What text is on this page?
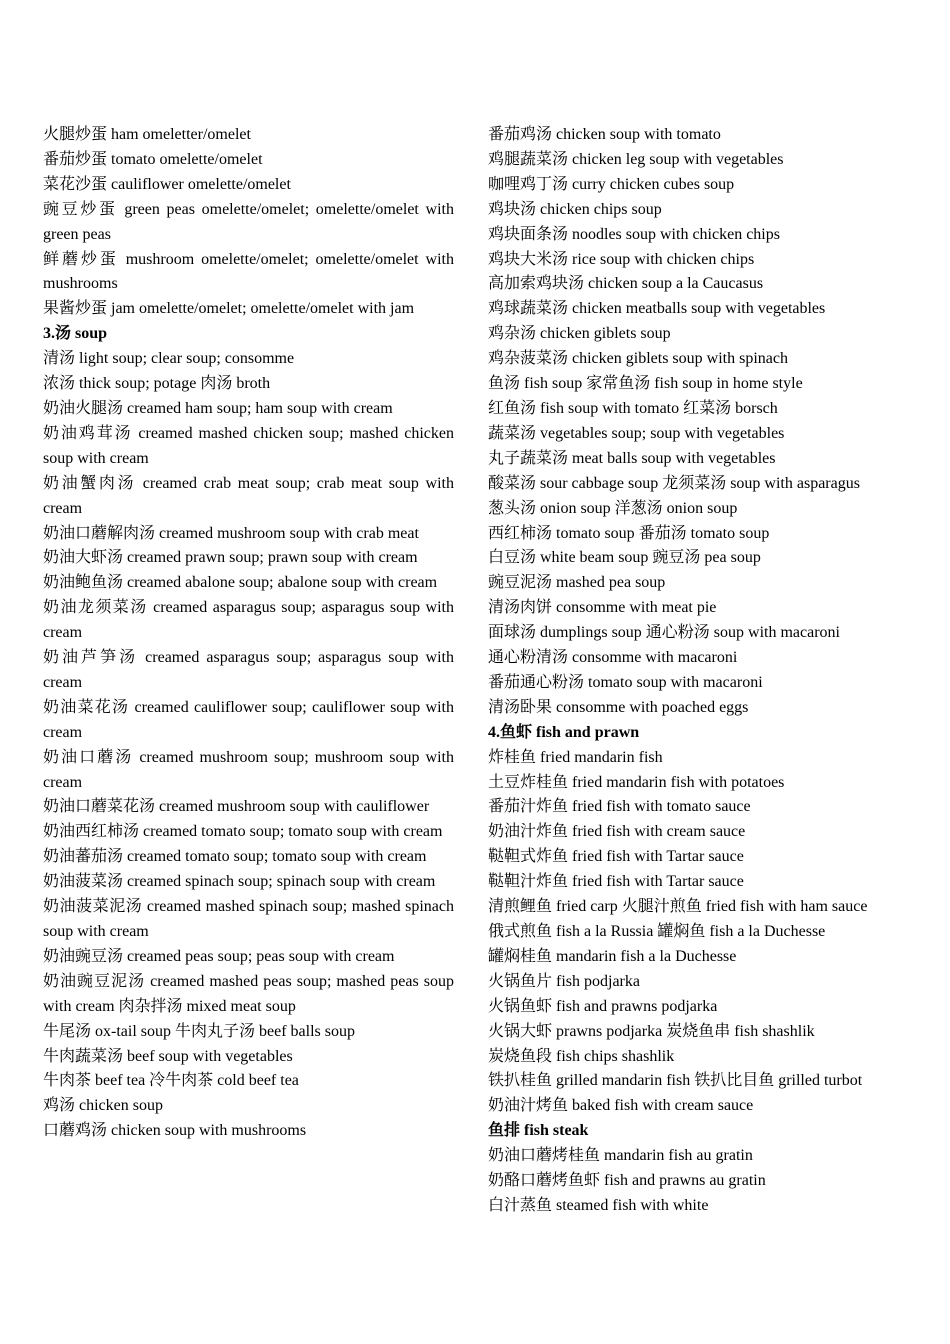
火腿炒蛋 ham omeletter/omelet

番茄炒蛋 tomato omelette/omelet

菜花沙蛋 cauliflower omelette/omelet

豌豆炒蛋 green peas omelette/omelet; omelette/omelet with green peas

鲜蘑炒蛋 mushroom omelette/omelet; omelette/omelet with mushrooms

果酱炒蛋 jam omelette/omelet; omelette/omelet with jam

3.汤 soup

清汤 light soup; clear soup; consomme

浓汤 thick soup; potage 肉汤 broth

奶油火腿汤 creamed ham soup; ham soup with cream

奶油鸡茸汤 creamed mashed chicken soup; mashed chicken soup with cream

奶油蟹肉汤 creamed crab meat soup; crab meat soup with cream

奶油口蘑解肉汤 creamed mushroom soup with crab meat

奶油大虾汤 creamed prawn soup; prawn soup with cream

奶油鲍鱼汤 creamed abalone soup; abalone soup with cream

奶油龙须菜汤 creamed asparagus soup; asparagus soup with cream

奶油芦笋汤 creamed asparagus soup; asparagus soup with cream

奶油菜花汤 creamed cauliflower soup; cauliflower soup with cream

奶油口蘑汤 creamed mushroom soup; mushroom soup with cream

奶油口蘑菜花汤 creamed mushroom soup with cauliflower

奶油西红柿汤 creamed tomato soup; tomato soup with cream

奶油蕃茄汤 creamed tomato soup; tomato soup with cream

奶油菠菜汤 creamed spinach soup; spinach soup with cream

奶油菠菜泥汤 creamed mashed spinach soup; mashed spinach soup with cream

奶油豌豆汤 creamed peas soup; peas soup with cream

奶油豌豆泥汤 creamed mashed peas soup; mashed peas soup with cream 肉杂拌汤 mixed meat soup

牛尾汤 ox-tail soup 牛肉丸子汤 beef balls soup

牛肉蔬菜汤 beef soup with vegetables

牛肉茶 beef tea 冷牛肉茶 cold beef tea

鸡汤 chicken soup

口蘑鸡汤 chicken soup with mushrooms

番茄鸡汤 chicken soup with tomato

鸡腿蔬菜汤 chicken leg soup with vegetables

咖哩鸡丁汤 curry chicken cubes soup

鸡块汤 chicken chips soup

鸡块面条汤 noodles soup with chicken chips

鸡块大米汤 rice soup with chicken chips

高加索鸡块汤 chicken soup a la Caucasus

鸡球蔬菜汤 chicken meatballs soup with vegetables

鸡杂汤 chicken giblets soup

鸡杂菠菜汤 chicken giblets soup with spinach

鱼汤 fish soup 家常鱼汤 fish soup in home style

红鱼汤 fish soup with tomato 红菜汤 borsch

蔬菜汤 vegetables soup; soup with vegetables

丸子蔬菜汤 meat balls soup with vegetables

酸菜汤 sour cabbage soup 龙须菜汤 soup with asparagus

葱头汤 onion soup 洋葱汤 onion soup

西红柿汤 tomato soup 番茄汤 tomato soup

白豆汤 white beam soup 豌豆汤 pea soup

豌豆泥汤 mashed pea soup

清汤肉饼 consomme with meat pie

面球汤 dumplings soup 通心粉汤 soup with macaroni

通心粉清汤 consomme with macaroni

番茄通心粉汤 tomato soup with macaroni

清汤卧果 consomme with poached eggs

4.鱼虾 fish and prawn

炸桂鱼 fried mandarin fish

土豆炸桂鱼 fried mandarin fish with potatoes

番茄汁炸鱼 fried fish with tomato sauce

奶油汁炸鱼 fried fish with cream sauce

鞑靼式炸鱼 fried fish with Tartar sauce

鞑靼汁炸鱼 fried fish with Tartar sauce

清煎鲤鱼 fried carp 火腿汁煎鱼 fried fish with ham sauce

俄式煎鱼 fish a la Russia 罐焖鱼 fish a la Duchesse

罐焖桂鱼 mandarin fish a la Duchesse

火锅鱼片 fish podjarka

火锅鱼虾 fish and prawns podjarka

火锅大虾 prawns podjarka 炭烧鱼串 fish shashlik

炭烧鱼段 fish chips shashlik

铁扒桂鱼 grilled mandarin fish 铁扒比目鱼 grilled turbot

奶油汁烤鱼 baked fish with cream sauce

鱼排 fish steak

奶油口蘑烤桂鱼 mandarin fish au gratin

奶酪口蘑烤鱼虾 fish and prawns au gratin

白汁蒸鱼 steamed fish with white
